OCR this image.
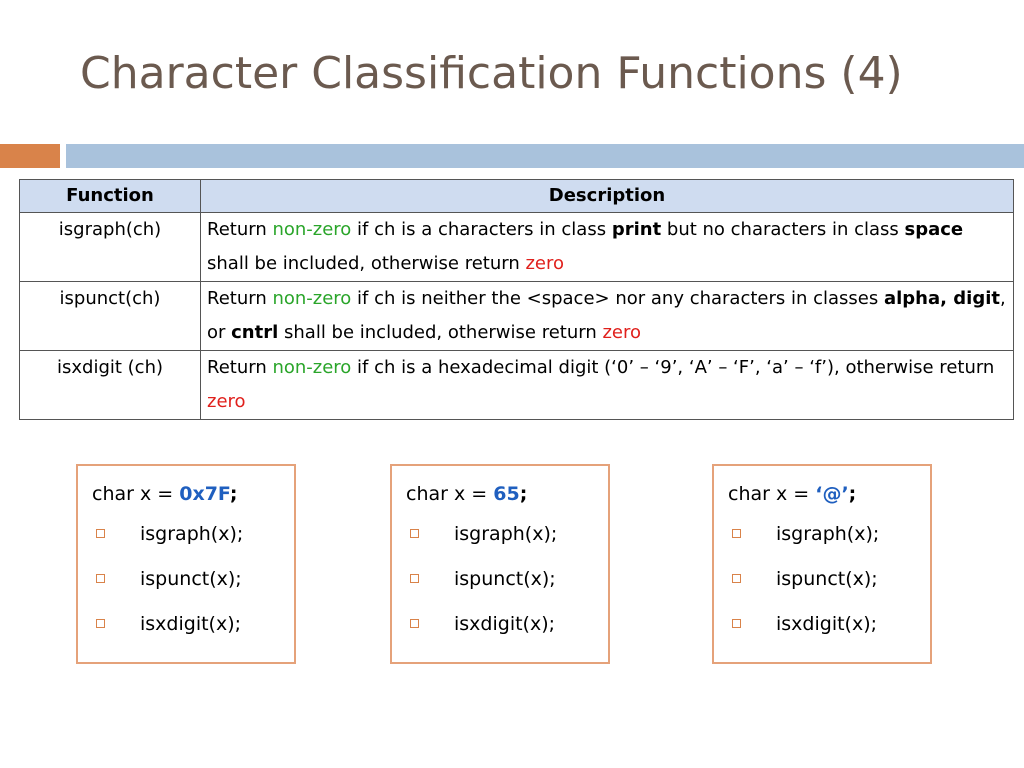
Character Classification Functions (4)
Function	Description
isgraph(ch)	Return non-zero if ch is a characters in class print but no characters in class space shall be included, otherwise return zero
ispunct(ch)	Return non-zero if ch is neither the <space> nor any characters in classes alpha, digit, or cntrl shall be included, otherwise return zero
isxdigit (ch)	Return non-zero if ch is a hexadecimal digit (‘0’ – ‘9’, ‘A’ – ‘F’, ‘a’ – ‘f’), otherwise return zero
char x = 0x7F;
isgraph(x);
ispunct(x);
isxdigit(x);
char x = 65;
isgraph(x);
ispunct(x);
isxdigit(x);
char x = ‘@’;
isgraph(x);
ispunct(x);
isxdigit(x);
